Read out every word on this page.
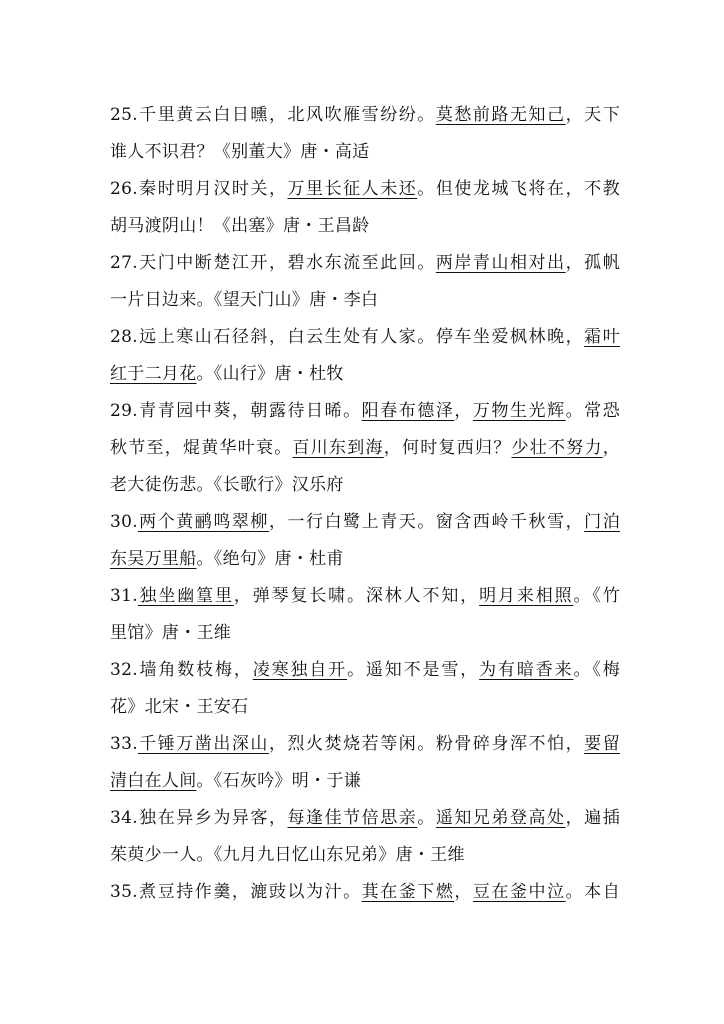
25.千里黄云白日曛，北风吹雁雪纷纷。莫愁前路无知己，天下
谁人不识君？《别董大》唐・高适
26.秦时明月汉时关，万里长征人未还。但使龙城飞将在，不教
胡马渡阴山！《出塞》唐・王昌龄
27.天门中断楚江开，碧水东流至此回。两岸青山相对出，孤帆
一片日边来。《望天门山》唐・李白
28.远上寒山石径斜，白云生处有人家。停车坐爱枫林晚，霜叶
红于二月花。《山行》唐・杜牧
29.青青园中葵，朝露待日晞。阳春布德泽，万物生光辉。常恐
秋节至，焜黄华叶衰。百川东到海，何时复西归？少壮不努力，
老大徒伤悲。《长歌行》汉乐府
30.两个黄鹂鸣翠柳，一行白鹭上青天。窗含西岭千秋雪，门泊
东吴万里船。《绝句》唐・杜甫
31.独坐幽篁里，弹琴复长啸。深林人不知，明月来相照。《竹
里馆》唐・王维
32.墙角数枝梅，凌寒独自开。遥知不是雪，为有暗香来。《梅
花》北宋・王安石
33.千锤万凿出深山，烈火焚烧若等闲。粉骨碎身浑不怕，要留
清白在人间。《石灰吟》明・于谦
34.独在异乡为异客，每逢佳节倍思亲。遥知兄弟登高处，遍插
茱萸少一人。《九月九日忆山东兄弟》唐・王维
35.煮豆持作羹，漉豉以为汁。萁在釜下燃，豆在釜中泣。本自
